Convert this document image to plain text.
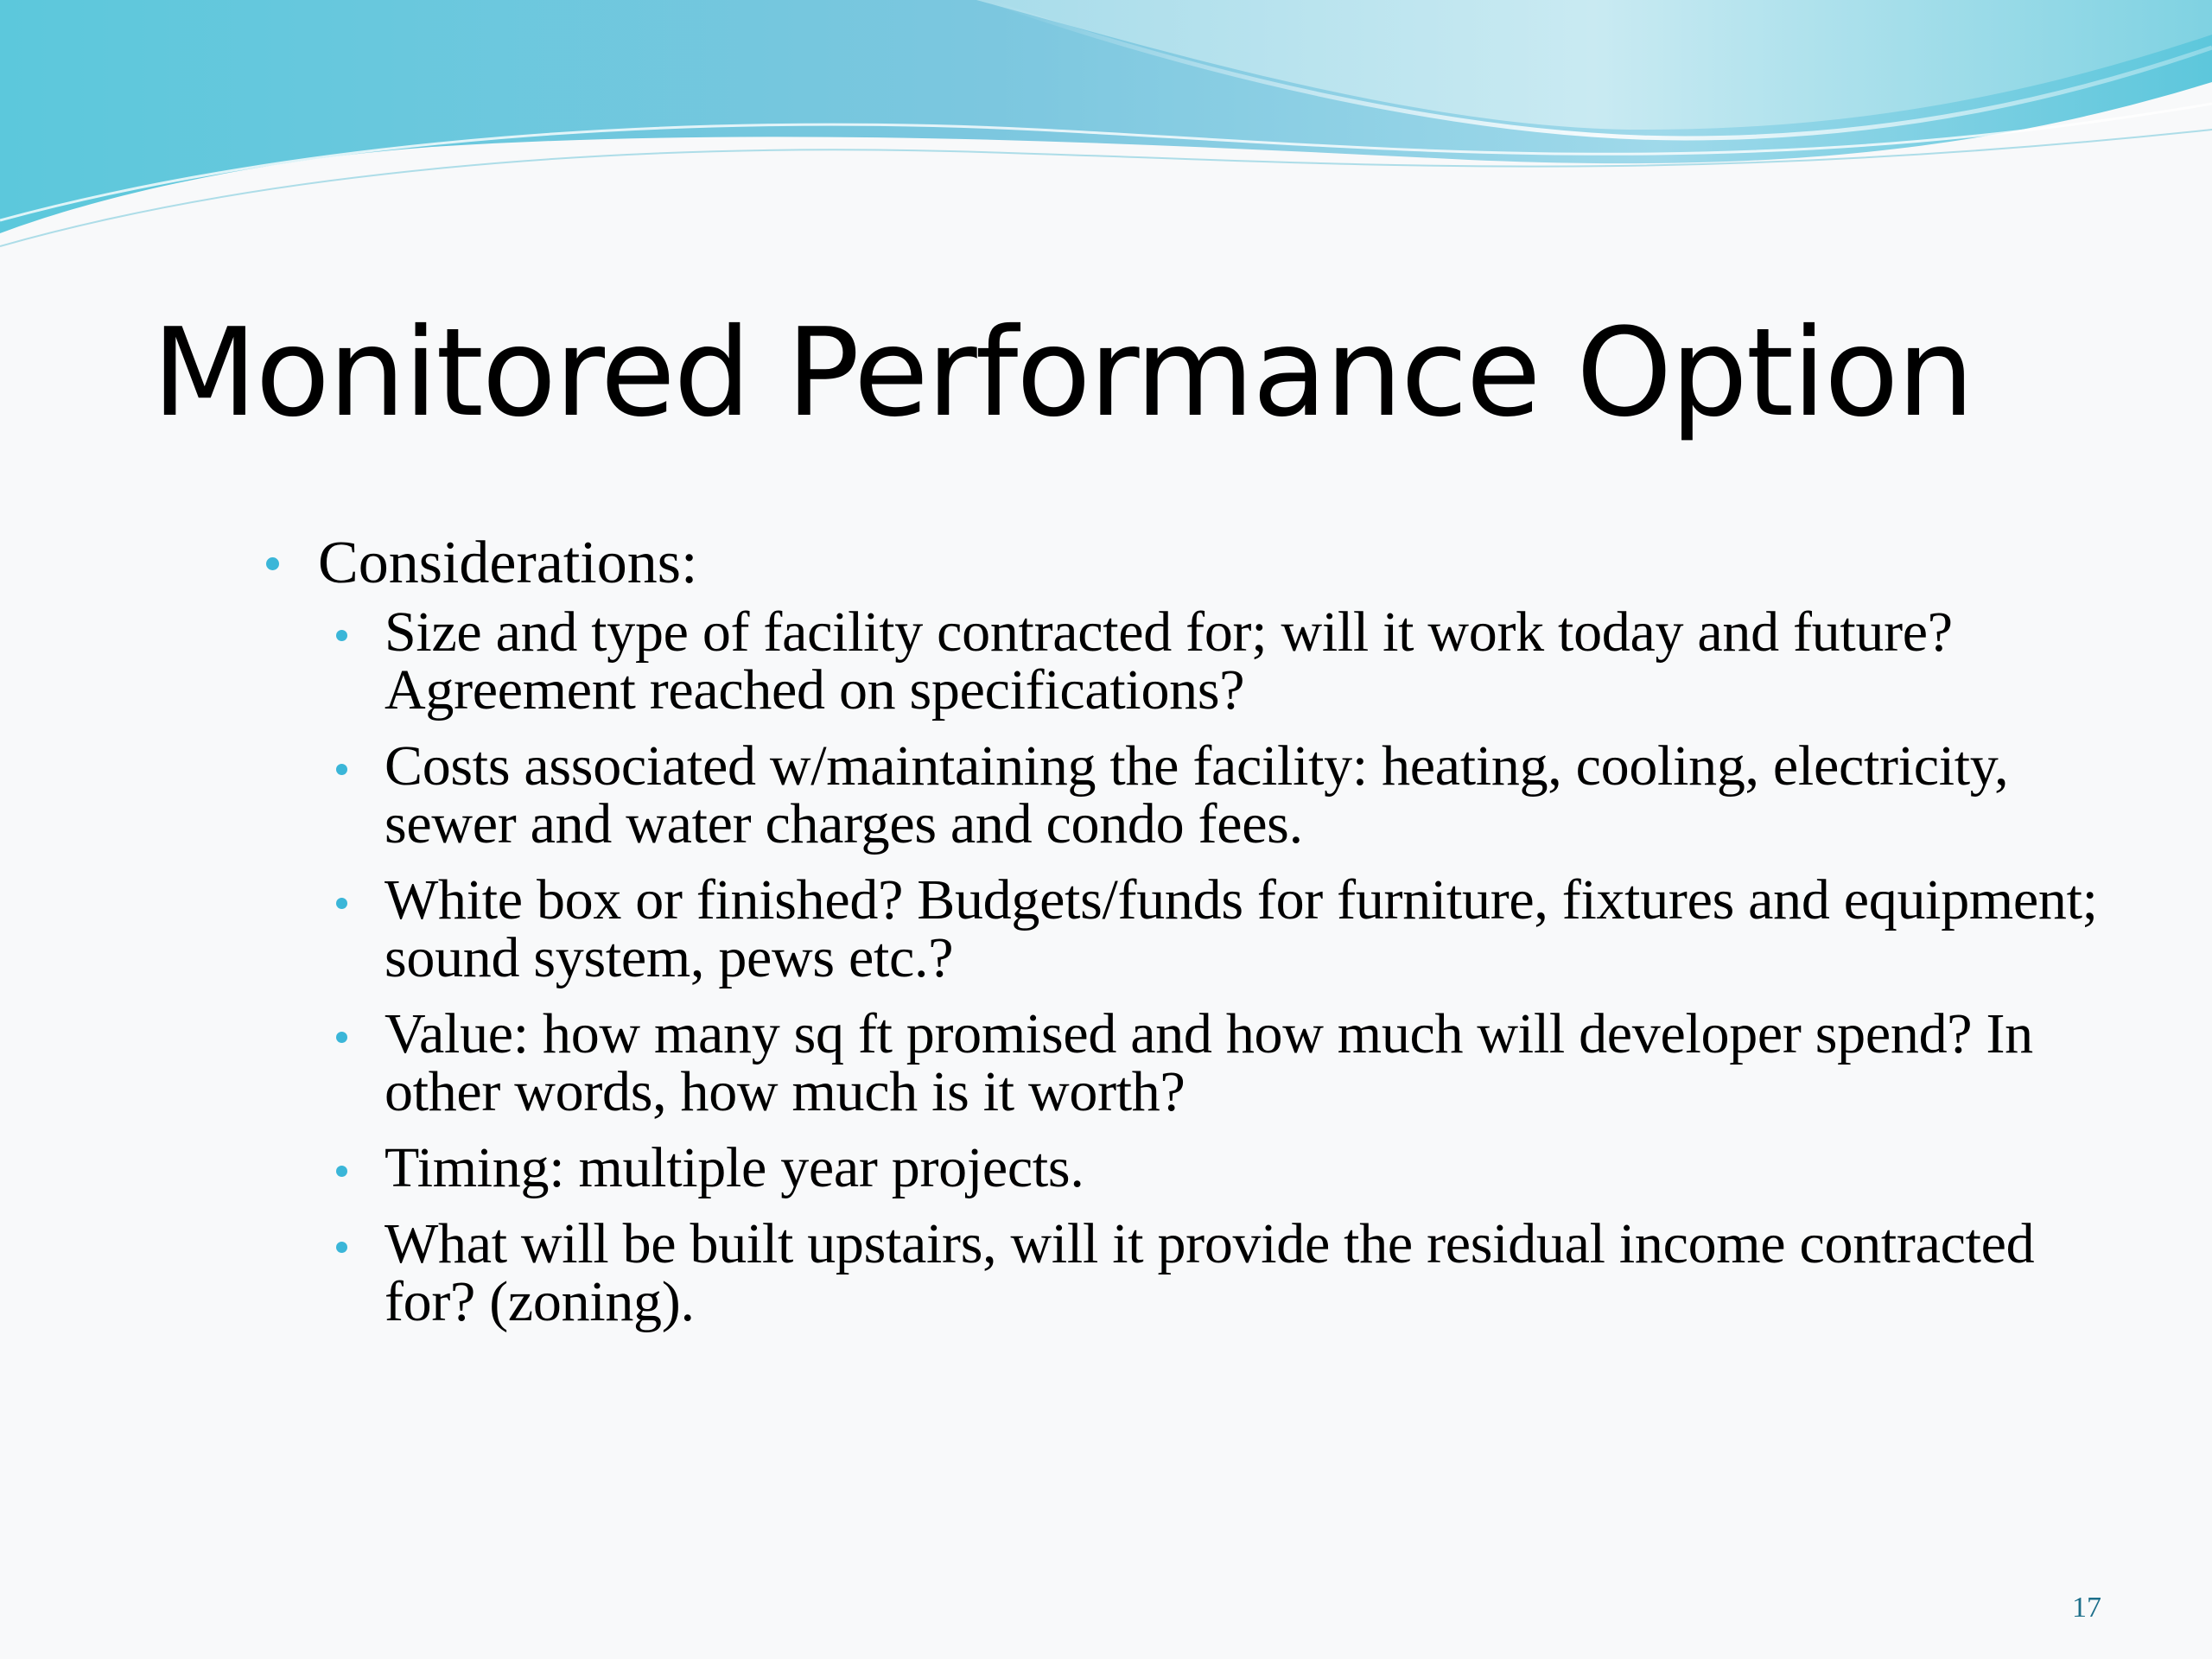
Monitored Performance Option
Considerations:
Size and type of facility contracted for; will it work today and future? Agreement reached on specifications?
Costs associated w/maintaining the facility: heating, cooling, electricity, sewer and water charges and condo fees.
White box or finished? Budgets/funds for furniture, fixtures and equipment; sound system, pews etc.?
Value: how many sq ft promised and how much will developer spend? In other words, how much is it worth?
Timing: multiple year projects.
What will be built upstairs, will it provide the residual income contracted for? (zoning).
17
